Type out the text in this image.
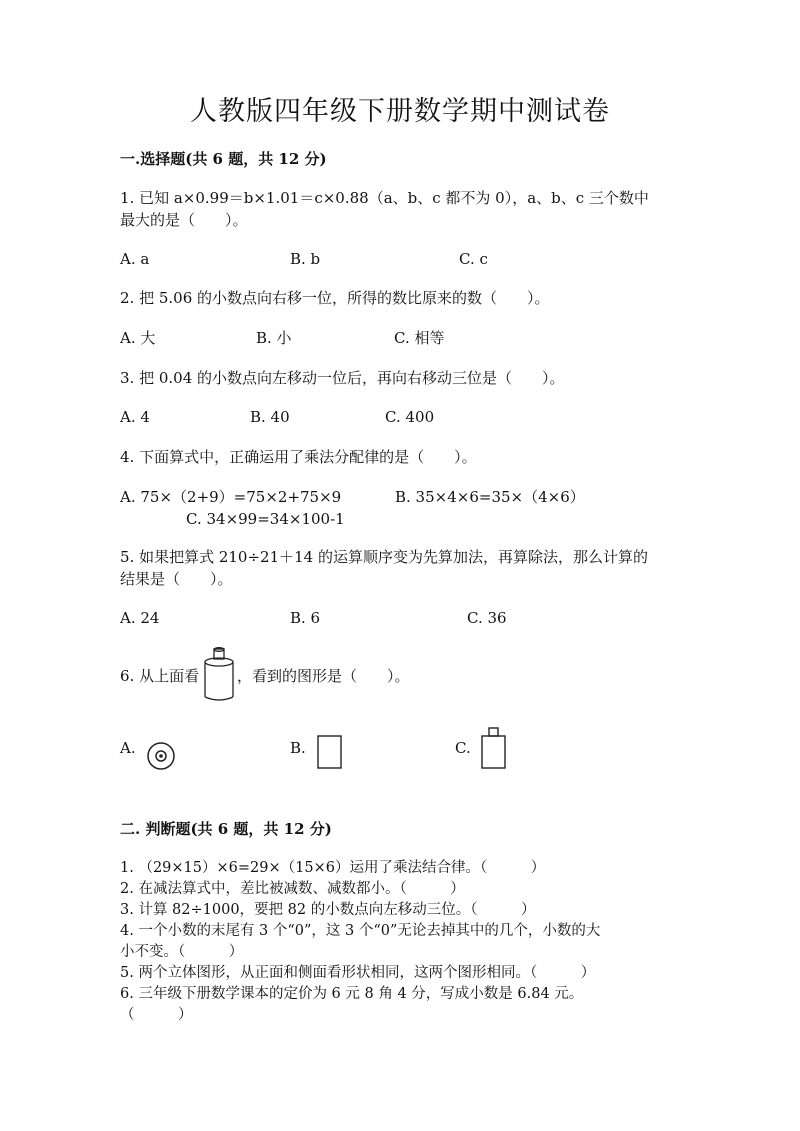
人教版四年级下册数学期中测试卷
一.选择题(共 6 题，共 12 分)
1. 已知 a×0.99＝b×1.01＝c×0.88（a、b、c 都不为 0），a、b、c 三个数中
最大的是（　　）。
A. a	B. b	C. c
2. 把 5.06 的小数点向右移一位，所得的数比原来的数（　　）。
A. 大	B. 小	C. 相等
3. 把 0.04 的小数点向左移动一位后，再向右移动三位是（　　）。
A. 4	B. 40	C. 400
4. 下面算式中，正确运用了乘法分配律的是（　　）。
A. 75×（2+9）=75×2+75×9	B. 35×4×6=35×（4×6）
C. 34×99=34×100-1
5. 如果把算式 210÷21＋14 的运算顺序变为先算加法，再算除法，那么计算的
结果是（　　）。
A. 24	B. 6	C. 36
6. 从上面看	，看到的图形是（　　）。
A.	B.	C.
二. 判断题(共 6 题，共 12 分)
1. （29×15）×6=29×（15×6）运用了乘法结合律。（　　　）
2. 在减法算式中，差比被减数、减数都小。（　　　）
3. 计算 82÷1000，要把 82 的小数点向左移动三位。（　　　）
4. 一个小数的末尾有 3 个“0”，这 3 个“0”无论去掉其中的几个，小数的大
小不变。（　　　）
5. 两个立体图形，从正面和侧面看形状相同，这两个图形相同。（　　　）
6. 三年级下册数学课本的定价为 6 元 8 角 4 分，写成小数是 6.84 元。
（　　　）
